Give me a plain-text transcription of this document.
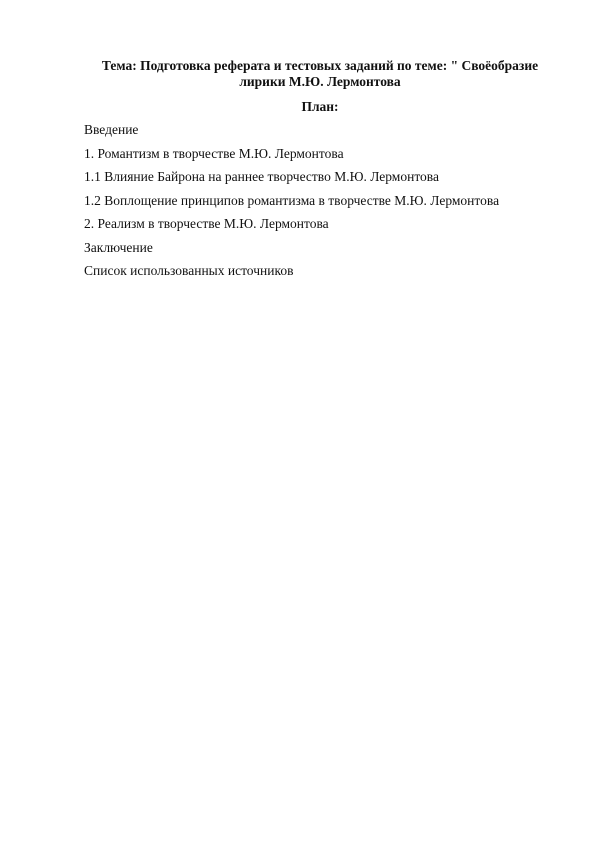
Тема: Подготовка реферата и тестовых заданий по теме: " Своёобразие
лирики М.Ю. Лермонтова
План:
Введение
1. Романтизм в творчестве М.Ю. Лермонтова
1.1 Влияние Байрона на раннее творчество М.Ю. Лермонтова
1.2 Воплощение принципов романтизма в творчестве М.Ю. Лермонтова
2. Реализм в творчестве М.Ю. Лермонтова
Заключение
Список использованных источников
